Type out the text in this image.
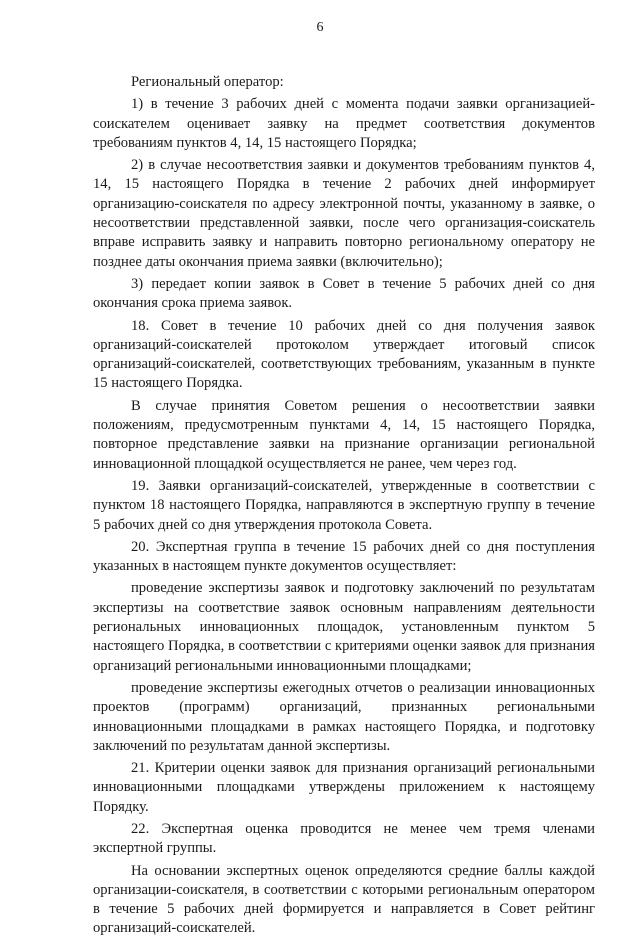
6

Региональный оператор:

1) в течение 3 рабочих дней с момента подачи заявки организацией-соискателем оценивает заявку на предмет соответствия документов требованиям пунктов 4, 14, 15 настоящего Порядка;

2) в случае несоответствия заявки и документов требованиям пунктов 4, 14, 15 настоящего Порядка в течение 2 рабочих дней информирует организацию-соискателя по адресу электронной почты, указанному в заявке, о несоответствии представленной заявки, после чего организация-соискатель вправе исправить заявку и направить повторно региональному оператору не позднее даты окончания приема заявки (включительно);

3) передает копии заявок в Совет в течение 5 рабочих дней со дня окончания срока приема заявок.

18. Совет в течение 10 рабочих дней со дня получения заявок организаций-соискателей протоколом утверждает итоговый список организаций-соискателей, соответствующих требованиям, указанным в пункте 15 настоящего Порядка.

В случае принятия Советом решения о несоответствии заявки положениям, предусмотренным пунктами 4, 14, 15 настоящего Порядка, повторное представление заявки на признание организации региональной инновационной площадкой осуществляется не ранее, чем через год.

19. Заявки организаций-соискателей, утвержденные в соответствии с пунктом 18 настоящего Порядка, направляются в экспертную группу в течение 5 рабочих дней со дня утверждения протокола Совета.

20. Экспертная группа в течение 15 рабочих дней со дня поступления указанных в настоящем пункте документов осуществляет:

проведение экспертизы заявок и подготовку заключений по результатам экспертизы на соответствие заявок основным направлениям деятельности региональных инновационных площадок, установленным пунктом 5 настоящего Порядка, в соответствии с критериями оценки заявок для признания организаций региональными инновационными площадками;

проведение экспертизы ежегодных отчетов о реализации инновационных проектов (программ) организаций, признанных региональными инновационными площадками в рамках настоящего Порядка, и подготовку заключений по результатам данной экспертизы.

21. Критерии оценки заявок для признания организаций региональными инновационными площадками утверждены приложением к настоящему Порядку.

22. Экспертная оценка проводится не менее чем тремя членами экспертной группы.

На основании экспертных оценок определяются средние баллы каждой организации-соискателя, в соответствии с которыми региональным оператором в течение 5 рабочих дней формируется и направляется в Совет рейтинг организаций-соискателей.
